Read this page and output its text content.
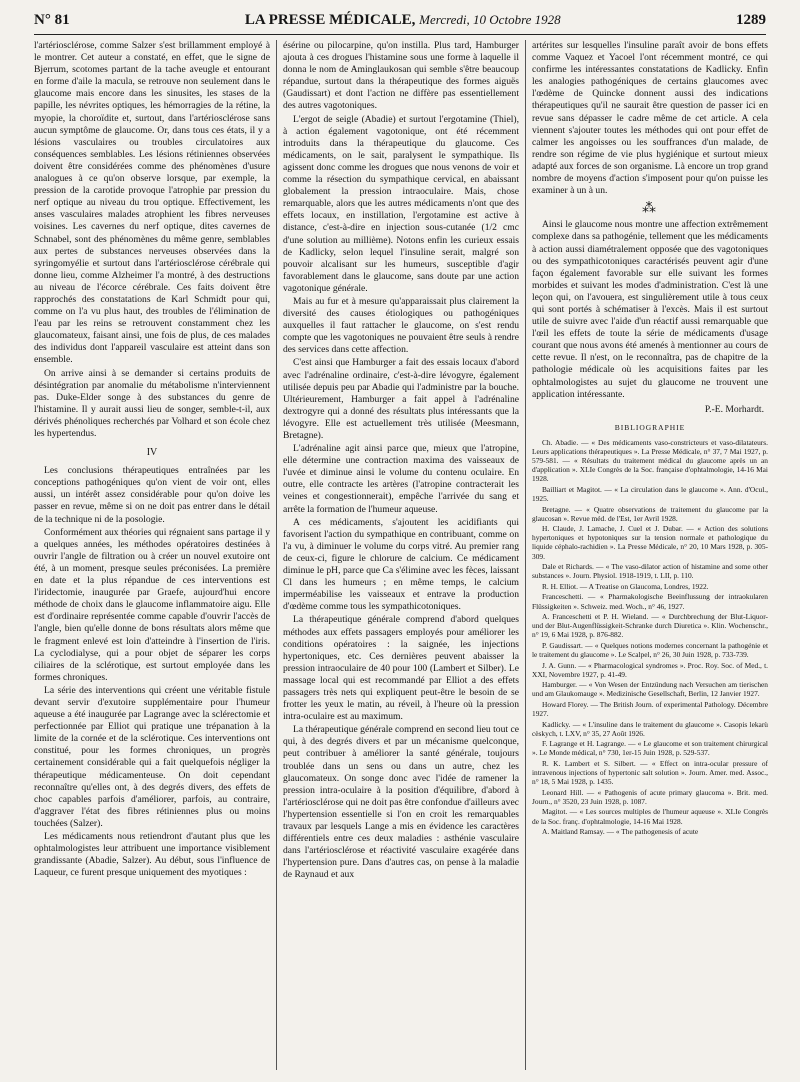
N° 81	LA PRESSE MÉDICALE, Mercredi, 10 Octobre 1928	1289

l'artériosclérose, comme Salzer s'est brillamment employé à le montrer. Cet auteur a constaté, en effet, que le signe de Bjerrum, scotomes partant de la tache aveugle et entourant en forme d'aile la macula, se retrouve non seulement dans le glaucome mais encore dans les sinusites, les stases de la papille, les névrites optiques, les hémorragies de la rétine, la myopie, la choroïdite et, surtout, dans l'artériosclérose sans aucun symptôme de glaucome. Or, dans tous ces états, il y a lésions vasculaires ou troubles circulatoires aux conséquences semblables. Les lésions rétiniennes observées doivent être considérées comme des phénomènes d'usure analogues à ce qu'on observe lorsque, par exemple, la pression de la carotide provoque l'atrophie par pression du nerf optique au niveau du trou optique. Effectivement, les anses vasculaires malades atrophient les fibres nerveuses voisines. Les cavernes du nerf optique, dites cavernes de Schnabel, sont des phénomènes du même genre, semblables aux pertes de substances nerveuses observées dans la syringomyélie et surtout dans l'artériosclérose cérébrale qui donne lieu, comme Alzheimer l'a montré, à des destructions au niveau de l'écorce cérébrale. Ces faits doivent être rapprochés des constatations de Karl Schmidt pour qui, comme on l'a vu plus haut, des troubles de l'élimination de l'eau par les reins se retrouvent constamment chez les glaucomateux, faisant ainsi, une fois de plus, de ces malades des individus dont l'appareil vasculaire est atteint dans son ensemble.

On arrive ainsi à se demander si certains produits de désintégration par anomalie du métabolisme n'interviennent pas. Duke-Elder songe à des substances du genre de l'histamine. Il y aurait aussi lieu de songer, semble-t-il, aux dérivés phénoliques recherchés par Volhard et son école chez les hypertendus.

IV

Les conclusions thérapeutiques entraînées par les conceptions pathogéniques qu'on vient de voir ont, elles aussi, un intérêt assez considérable pour qu'on doive les passer en revue, même si on ne doit pas entrer dans le détail de la technique ni de la posologie.

Conformément aux théories qui régnaient sans partage il y a quelques années, les méthodes opératoires destinées à ouvrir l'angle de filtration ou à créer un nouvel exutoire ont été, à un moment, presque seules préconisées. La première en date et la plus répandue de ces interventions est l'iridectomie, inaugurée par Graefe, aujourd'hui encore méthode de choix dans le glaucome inflammatoire aigu. Elle est d'ordinaire représentée comme capable d'ouvrir l'accès de l'angle, bien qu'elle donne de bons résultats alors même que le fragment enlevé est loin d'atteindre à l'insertion de l'iris. La cyclodialyse, qui a pour objet de séparer les corps ciliaires de la sclérotique, est surtout employée dans les formes chroniques.

La série des interventions qui créent une véritable fistule devant servir d'exutoire supplémentaire pour l'humeur aqueuse a été inaugurée par Lagrange avec la sclérectomie et perfectionnée par Elliot qui pratique une trépanation à la limite de la cornée et de la sclérotique. Ces interventions ont constitué, pour les formes chroniques, un progrès certainement considérable qui a fait quelquefois négliger la thérapeutique médicamenteuse. On doit cependant reconnaître qu'elles ont, à des degrés divers, des effets de choc capables parfois d'améliorer, parfois, au contraire, d'aggraver l'état des fibres rétiniennes plus ou moins touchées (Salzer).

Les médicaments nous retiendront d'autant plus que les ophtalmologistes leur attribuent une importance visiblement grandissante (Abadie, Salzer). Au début, sous l'influence de Laqueur, ce furent presque uniquement des myotiques :

ésérine ou pilocarpine, qu'on instilla. Plus tard, Hamburger ajouta à ces drogues l'histamine sous une forme à laquelle il donna le nom de Aminglaukosan qui semble s'être beaucoup répandue, surtout dans la thérapeutique des formes aiguës (Gaudissart) et dont l'action ne diffère pas essentiellement des autres vagotoniques.

L'ergot de seigle (Abadie) et surtout l'ergotamine (Thiel), à action également vagotonique, ont été récemment introduits dans la thérapeutique du glaucome. Ces médicaments, on le sait, paralysent le sympathique. Ils agissent donc comme les drogues que nous venons de voir et comme la résection du sympathique cervical, en abaissant globalement la pression intraoculaire. Mais, chose remarquable, alors que les autres médicaments n'ont que des effets locaux, en instillation, l'ergotamine est active à distance, c'est-à-dire en injection sous-cutanée (1/2 cmc d'une solution au millième). Notons enfin les curieux essais de Kadlicky, selon lequel l'insuline serait, malgré son pouvoir alcalisant sur les humeurs, susceptible d'agir favorablement dans le glaucome, sans doute par une action vagotonique générale.

Mais au fur et à mesure qu'apparaissait plus clairement la diversité des causes étiologiques ou pathogéniques auxquelles il faut rattacher le glaucome, on s'est rendu compte que les vagotoniques ne pouvaient être seuls à rendre des services dans cette affection.

C'est ainsi que Hamburger a fait des essais locaux d'abord avec l'adrénaline ordinaire, c'est-à-dire lévogyre, également utilisée depuis peu par Abadie qui l'administre par la bouche. Ultérieurement, Hamburger a fait appel à l'adrénaline dextrogyre qui a donné des résultats plus intéressants que la lévogyre. Elle est actuellement très utilisée (Meesmann, Bretagne).

L'adrénaline agit ainsi parce que, mieux que l'atropine, elle détermine une contraction maxima des vaisseaux de l'uvée et diminue ainsi le volume du contenu oculaire. En outre, elle contracte les artères (l'atropine contracterait les veines et congestionnerait), empêche l'arrivée du sang et arrête la formation de l'humeur aqueuse.

A ces médicaments, s'ajoutent les acidifiants qui favorisent l'action du sympathique en contribuant, comme on l'a vu, à diminuer le volume du corps vitré. Au premier rang de ceux-ci, figure le chlorure de calcium. Ce médicament diminue le pH, parce que Ca s'élimine avec les fèces, laissant Cl dans les humeurs ; en même temps, le calcium imperméabilise les vaisseaux et entrave la production d'œdème comme tous les sympathicotoniques.

La thérapeutique générale comprend d'abord quelques méthodes aux effets passagers employés pour améliorer les conditions opératoires : la saignée, les injections hypertoniques, etc. Ces dernières peuvent abaisser la pression intraoculaire de 40 pour 100 (Lambert et Silber). Le massage local qui est recommandé par Elliot a des effets passagers très nets qui expliquent peut-être le besoin de se frotter les yeux le matin, au réveil, à l'heure où la pression intra-oculaire est au maximum.

La thérapeutique générale comprend en second lieu tout ce qui, à des degrés divers et par un mécanisme quelconque, peut contribuer à améliorer la santé générale, toujours troublée dans un sens ou dans un autre, chez les glaucomateux. On songe donc avec l'idée de ramener la pression intra-oculaire à la position d'équilibre, d'abord à l'artériosclérose qui ne doit pas être confondue d'ailleurs avec l'hypertension essentielle si l'on en croit les remarquables travaux par lesquels Lange a mis en évidence les caractères différentiels entre ces deux maladies : asthénie vasculaire dans l'artériosclérose et réactivité vasculaire exagérée dans l'hypertension pure. Dans d'autres cas, on pense à la maladie de Raynaud et aux

artérites sur lesquelles l'insuline paraît avoir de bons effets comme Vaquez et Yacoel l'ont récemment montré, ce qui confirme les intéressantes constatations de Kadlicky. Enfin les analogies pathogéniques de certains glaucomes avec l'œdème de Quincke donnent aussi des indications thérapeutiques qu'il ne saurait être question de passer ici en revue sans dépasser le cadre même de cet article. A cela viennent s'ajouter toutes les méthodes qui ont pour effet de calmer les angoisses ou les souffrances d'un malade, de rendre son régime de vie plus hygiénique et surtout mieux adapté aux forces de son organisme. Là encore un trop grand nombre de moyens d'action s'imposent pour qu'on puisse les examiner à un à un.

⁂

Ainsi le glaucome nous montre une affection extrêmement complexe dans sa pathogénie, tellement que les médicaments à action aussi diamétralement opposée que des vagotoniques ou des sympathicotoniques caractérisés peuvent agir d'une façon également favorable sur elle suivant les formes morbides et suivant les modes d'administration. C'est là une leçon qui, on l'avouera, est singulièrement utile à tous ceux qui sont portés à schématiser à l'excès. Mais il est surtout utile de suivre avec l'aide d'un réactif aussi remarquable que l'œil les effets de toute la série de médicaments d'usage courant que nous avons été amenés à mentionner au cours de cette revue. Il n'est, on le reconnaîtra, pas de chapitre de la pathologie médicale où les acquisitions faites par les ophtalmologistes au sujet du glaucome ne trouvent une application intéressante.

P.-E. Morhardt.
BIBLIOGRAPHIE
Ch. Abadie. — « Des médicaments vaso-constricteurs et vaso-dilatateurs. Leurs applications thérapeutiques ». La Presse Médicale, n° 37, 7 Mai 1927, p. 579-581. — « Résultats du traitement médical du glaucome après un an d'application ». XLIe Congrès de la Soc. française d'ophtalmologie, 14-16 Mai 1928.
Bailliart et Magitot. — « La circulation dans le glaucome ». Ann. d'Ocul., 1925.
Bretagne. — « Quatre observations de traitement du glaucome par la glaucosan ». Revue méd. de l'Est, 1er Avril 1928.
H. Claude, J. Lamache, J. Cuel et J. Dubar. — « Action des solutions hypertoniques et hypotoniques sur la tension normale et pathologique du liquide céphalo-rachidien ». La Presse Médicale, n° 20, 10 Mars 1928, p. 305-309.
Dale et Richards. — « The vaso-dilator action of histamine and some other substances ». Journ. Physiol. 1918-1919, t. LII, p. 110.
R. H. Elliot. — A Treatise on Glaucoma, Londres, 1922.
Franceschetti. — « Pharmakologische Beeinflussung der intraokularen Flüssigkeiten ». Schweiz. med. Woch., n° 46, 1927.
A. Franceschetti et P. H. Wieland. — « Durchbrechung der Blut-Liquor- und der Blut-Augenflüssigkeit-Schranke durch Diuretica ». Klin. Wochenschr., n° 19, 6 Mai 1928, p. 876-882.
P. Gaudissart. — « Quelques notions modernes concernant la pathogénie et le traitement du glaucome ». Le Scalpel, n° 26, 30 Juin 1928, p. 733-739.
J. A. Gunn. — « Pharmacological syndromes ». Proc. Roy. Soc. of Med., t. XXI, Novembre 1927, p. 41-49.
Hamburger. — « Von Wesen der Entzündung nach Versuchen am tierischen und am Glaukomauge ». Medizinische Gesellschaft, Berlin, 12 Janvier 1927.
Howard Florey. — The British Journ. of experimental Pathology. Décembre 1927.
Kadlicky. — « L'insuline dans le traitement du glaucome ». Casopis lekarù cèskych, t. LXV, n° 35, 27 Août 1926.
F. Lagrange et H. Lagrange. — « Le glaucome et son traitement chirurgical ». Le Monde médical, n° 730, 1er-15 Juin 1928, p. 529-537.
R. K. Lambert et S. Silbert. — « Effect on intra-ocular pressure of intravenous injections of hypertonic salt solution ». Journ. Amer. med. Assoc., n° 18, 5 Mai 1928, p. 1435.
Leonard Hill. — « Pathogenis of acute primary glaucoma ». Brit. med. Journ., n° 3520, 23 Juin 1928, p. 1087.
Magitot. — « Les sources multiples de l'humeur aqueuse ». XLIe Congrès de la Soc. franç. d'ophtalmologie, 14-16 Mai 1928.
A. Maitland Ramsay. — « The pathogenesis of acute
